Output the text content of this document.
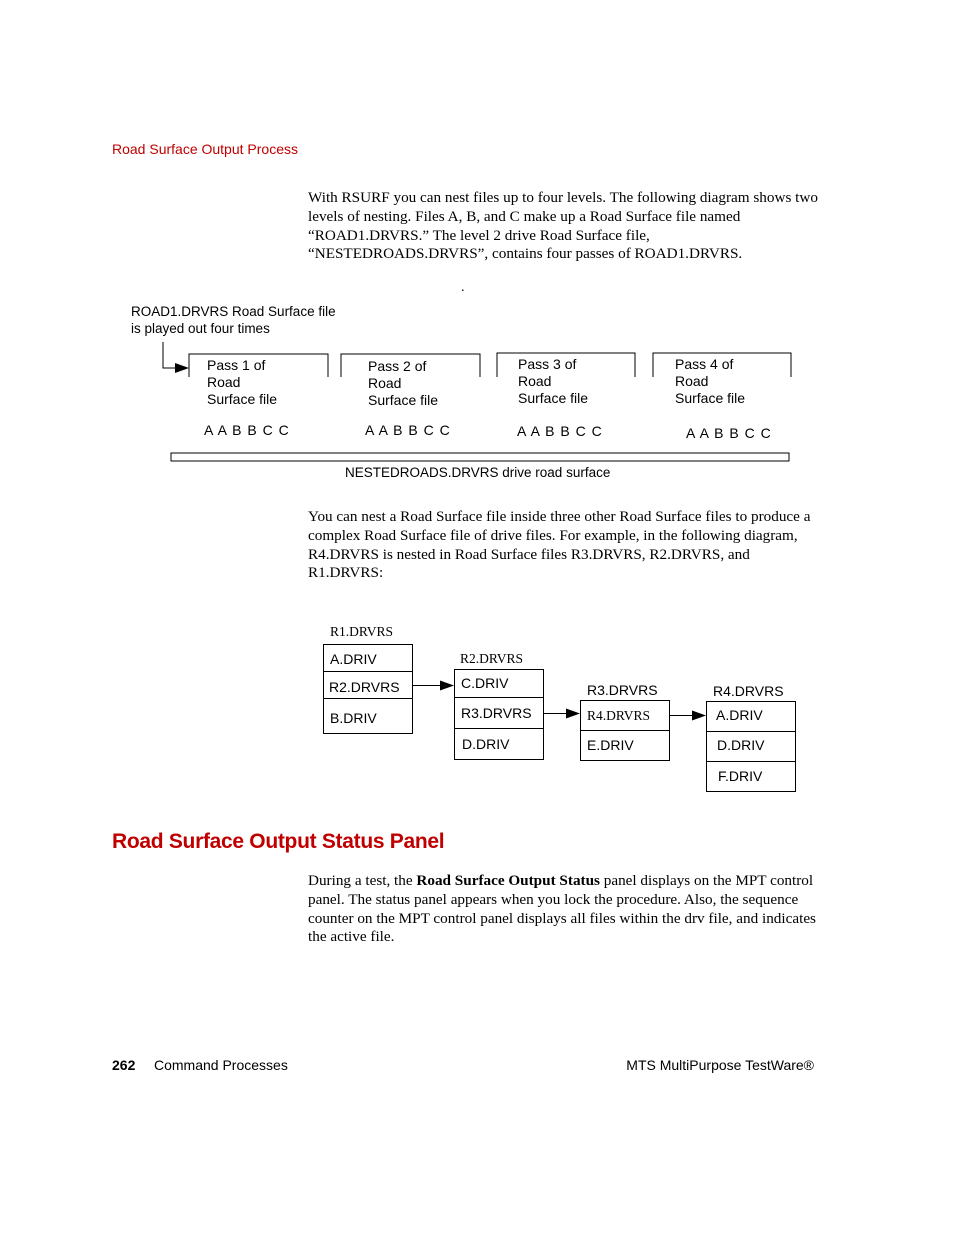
Road Surface Output Process
With RSURF you can nest files up to four levels. The following diagram shows two levels of nesting. Files A, B, and C make up a Road Surface file named “ROAD1.DRVRS.” The level 2 drive Road Surface file, “NESTEDROADS.DRVRS”, contains four passes of ROAD1.DRVRS.
.
ROAD1.DRVRS Road Surface file
is played out four times
Pass 1 of
Road
Surface file
A A B B C C
Pass 2 of
Road
Surface file
A A B B C C
Pass 3 of
Road
Surface file
A A B B C C
Pass 4 of
Road
Surface file
A A B B C C
NESTEDROADS.DRVRS drive road surface
You can nest a Road Surface file inside three other Road Surface files to produce a complex Road Surface file of drive files. For example, in the following diagram, R4.DRVRS is nested in Road Surface files R3.DRVRS, R2.DRVRS, and R1.DRVRS:
R1.DRVRS
A.DRIV
R2.DRVRS
B.DRIV
R2.DRVRS
C.DRIV
R3.DRVRS
D.DRIV
R3.DRVRS
R4.DRVRS
E.DRIV
R4.DRVRS
A.DRIV
D.DRIV
F.DRIV
Road Surface Output Status Panel
During a test, the Road Surface Output Status panel displays on the MPT control panel. The status panel appears when you lock the procedure. Also, the sequence counter on the MPT control panel displays all files within the drv file, and indicates the active file.
262 Command Processes	MTS MultiPurpose TestWare®
